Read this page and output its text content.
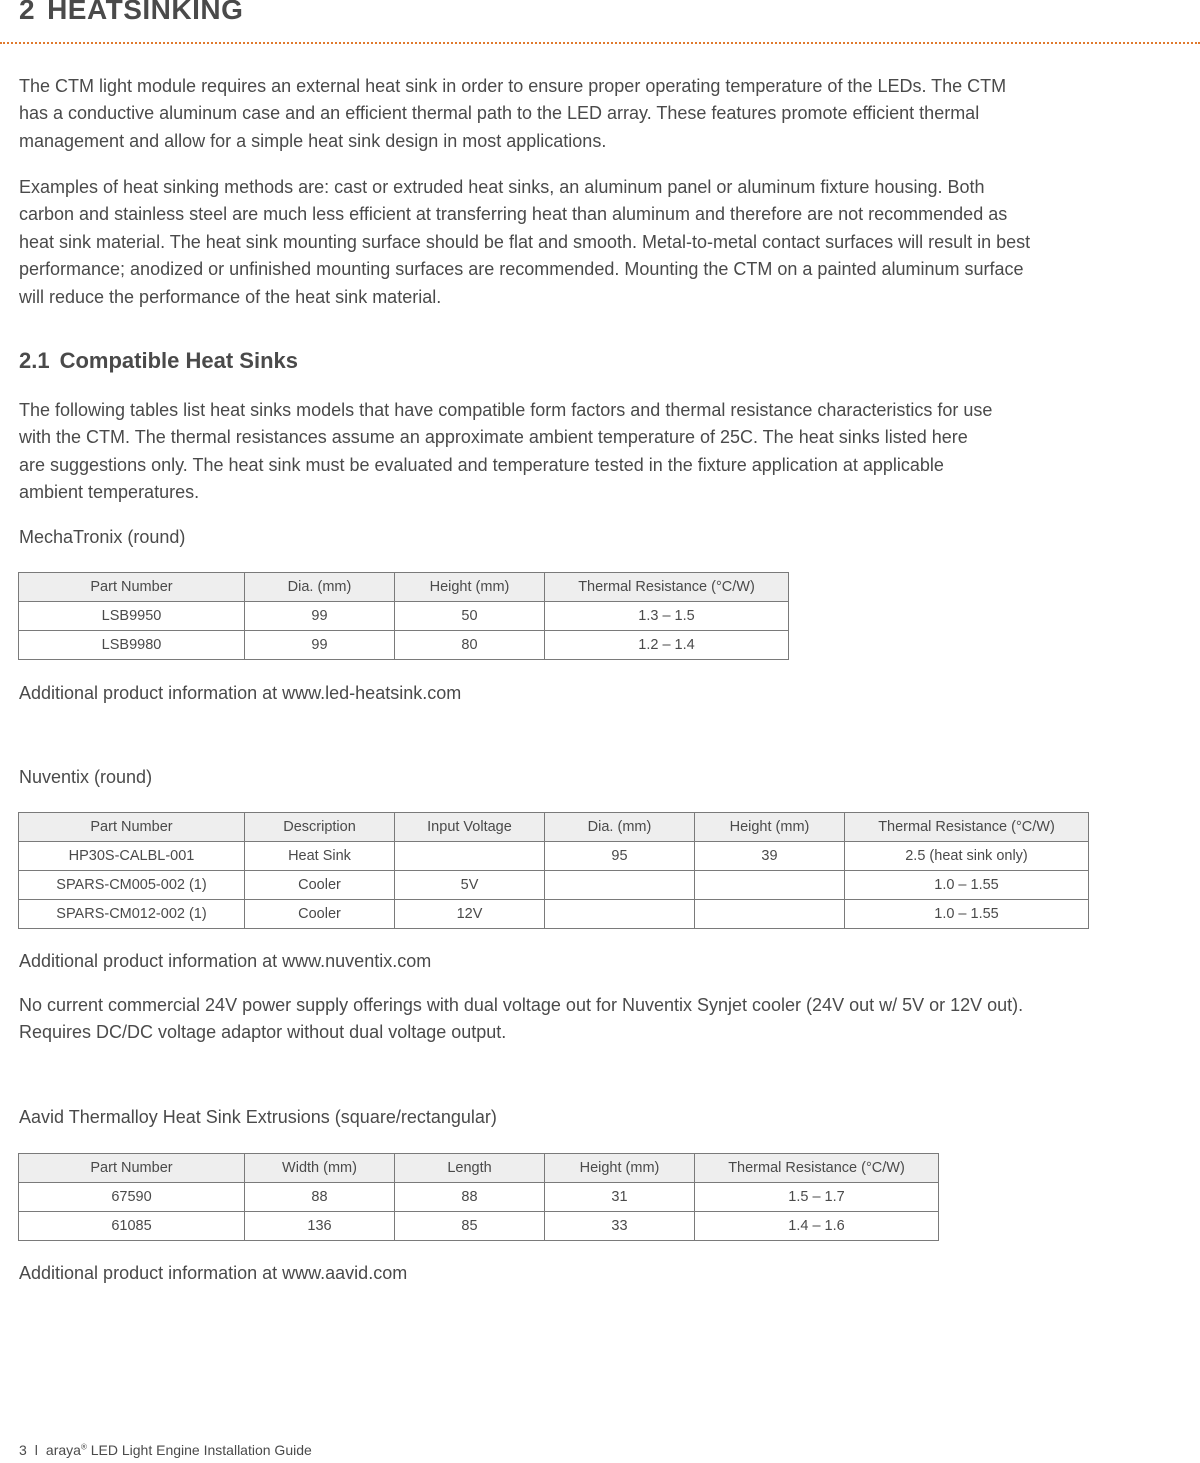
2 HEATSINKING

The CTM light module requires an external heat sink in order to ensure proper operating temperature of the LEDs. The CTM
has a conductive aluminum case and an efficient thermal path to the LED array. These features promote efficient thermal
management and allow for a simple heat sink design in most applications.

Examples of heat sinking methods are: cast or extruded heat sinks, an aluminum panel or aluminum fixture housing. Both
carbon and stainless steel are much less efficient at transferring heat than aluminum and therefore are not recommended as
heat sink material. The heat sink mounting surface should be flat and smooth. Metal-to-metal contact surfaces will result in best
performance; anodized or unfinished mounting surfaces are recommended. Mounting the CTM on a painted aluminum surface
will reduce the performance of the heat sink material.

2.1 Compatible Heat Sinks

The following tables list heat sinks models that have compatible form factors and thermal resistance characteristics for use
with the CTM. The thermal resistances assume an approximate ambient temperature of 25C. The heat sinks listed here
are suggestions only. The heat sink must be evaluated and temperature tested in the fixture application at applicable
ambient temperatures.

MechaTronix (round)

Part Number	Dia. (mm)	Height (mm)	Thermal Resistance (°C/W)
LSB9950	99	50	1.3 – 1.5
LSB9980	99	80	1.2 – 1.4

Additional product information at www.led-heatsink.com

Nuventix (round)

Part Number	Description	Input Voltage	Dia. (mm)	Height (mm)	Thermal Resistance (°C/W)
HP30S-CALBL-001	Heat Sink		95	39	2.5 (heat sink only)
SPARS-CM005-002 (1)	Cooler	5V			1.0 – 1.55
SPARS-CM012-002 (1)	Cooler	12V			1.0 – 1.55

Additional product information at www.nuventix.com

No current commercial 24V power supply offerings with dual voltage out for Nuventix Synjet cooler (24V out w/ 5V or 12V out).
Requires DC/DC voltage adaptor without dual voltage output.

Aavid Thermalloy Heat Sink Extrusions (square/rectangular)

Part Number	Width (mm)	Length	Height (mm)	Thermal Resistance (°C/W)
67590	88	88	31	1.5 – 1.7
61085	136	85	33	1.4 – 1.6

Additional product information at www.aavid.com

3 l araya® LED Light Engine Installation Guide
